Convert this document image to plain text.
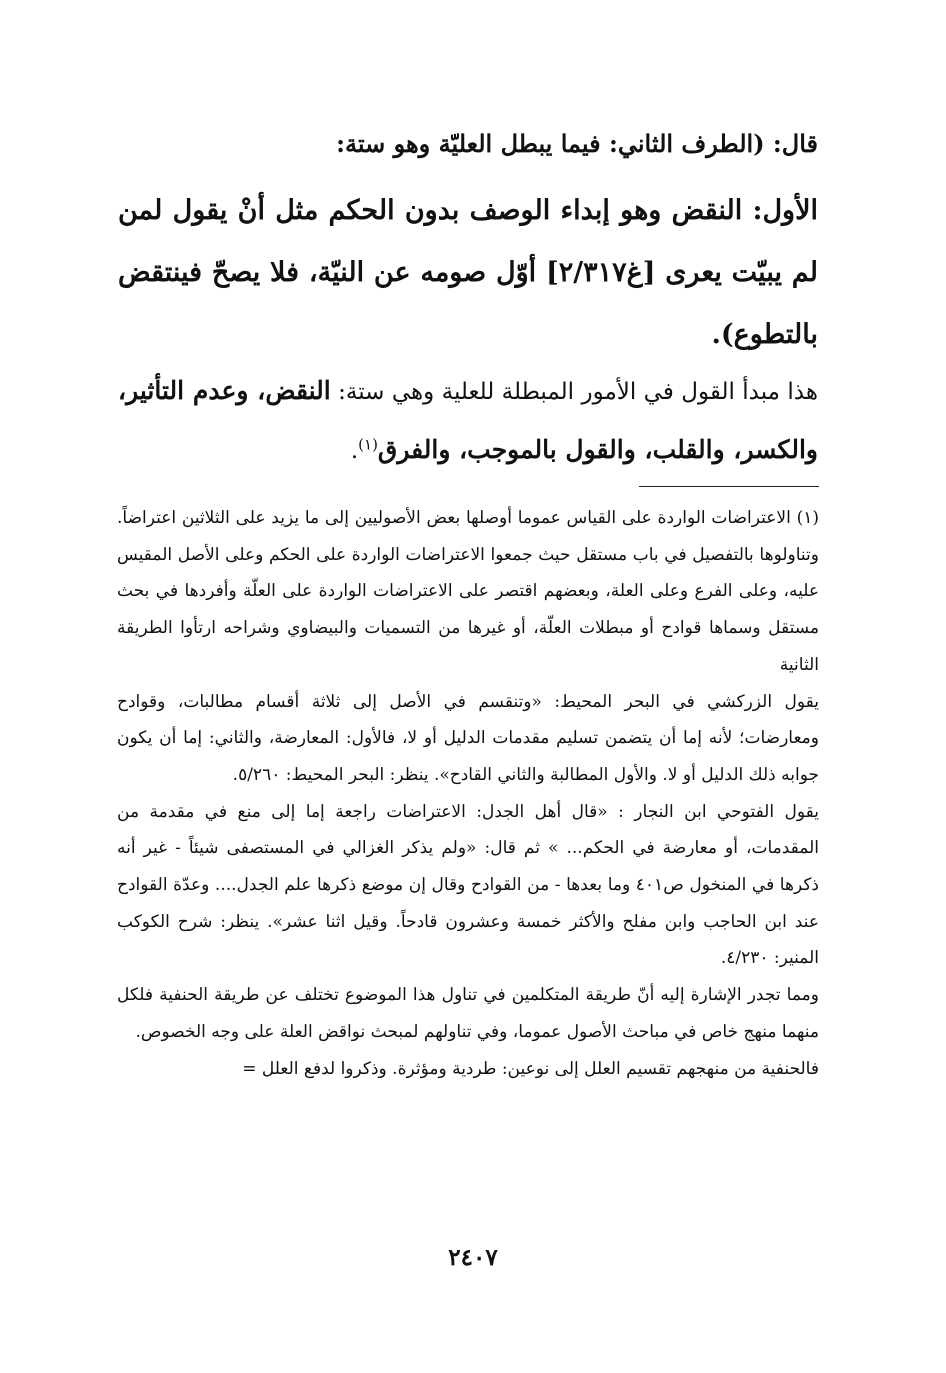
قال: (الطرف الثاني: فيما يبطل العليّة وهو ستة:
الأول: النقض وهو إبداء الوصف بدون الحكم مثل أنْ يقول لمن لم يبيّت يعرى [غ٢/٣١٧] أوّل صومه عن النيّة، فلا يصحّ فينتقض بالتطوع).
هذا مبدأ القول في الأمور المبطلة للعلية وهي ستة: النقض، وعدم التأثير، والكسر، والقلب، والقول بالموجب، والفرق$^{(١)}$.

(١) الاعتراضات الواردة على القياس عموما أوصلها بعض الأصوليين إلى ما يزيد على الثلاثين اعتراضاً. وتناولوها بالتفصيل في باب مستقل حيث جمعوا الاعتراضات الواردة على الحكم وعلى الأصل المقيس عليه، وعلى الفرع وعلى العلة، وبعضهم اقتصر على الاعتراضات الواردة على العلّة وأفردها في بحث مستقل وسماها قوادح أو مبطلات العلّة، أو غيرها من التسميات والبيضاوي وشراحه ارتأوا الطريقة الثانية

يقول الزركشي في البحر المحيط: «وتنقسم في الأصل إلى ثلاثة أقسام مطالبات، وقوادح ومعارضات؛ لأنه إما أن يتضمن تسليم مقدمات الدليل أو لا، فالأول: المعارضة، والثاني: إما أن يكون جوابه ذلك الدليل أو لا. والأول المطالبة والثاني القادح». ينظر: البحر المحيط: ٥/٢٦٠.

يقول الفتوحي ابن النجار : «قال أهل الجدل: الاعتراضات راجعة إما إلى منع في مقدمة من المقدمات، أو معارضة في الحكم... » ثم قال: «ولم يذكر الغزالي في المستصفى شيئاً - غير أنه ذكرها في المنخول ص٤٠١ وما بعدها - من القوادح وقال إن موضع ذكرها علم الجدل.... وعدّة القوادح عند ابن الحاجب وابن مفلح والأكثر خمسة وعشرون قادحاً. وقيل اثنا عشر». ينظر: شرح الكوكب المنير: ٤/٢٣٠.

ومما تجدر الإشارة إليه أنّ طريقة المتكلمين في تناول هذا الموضوع تختلف عن طريقة الحنفية فلكل منهما منهج خاص في مباحث الأصول عموما، وفي تناولهم لمبحث نواقض العلة على وجه الخصوص.

فالحنفية من منهجهم تقسيم العلل إلى نوعين: طردية ومؤثرة. وذكروا لدفع العلل =

٢٤٠٧
